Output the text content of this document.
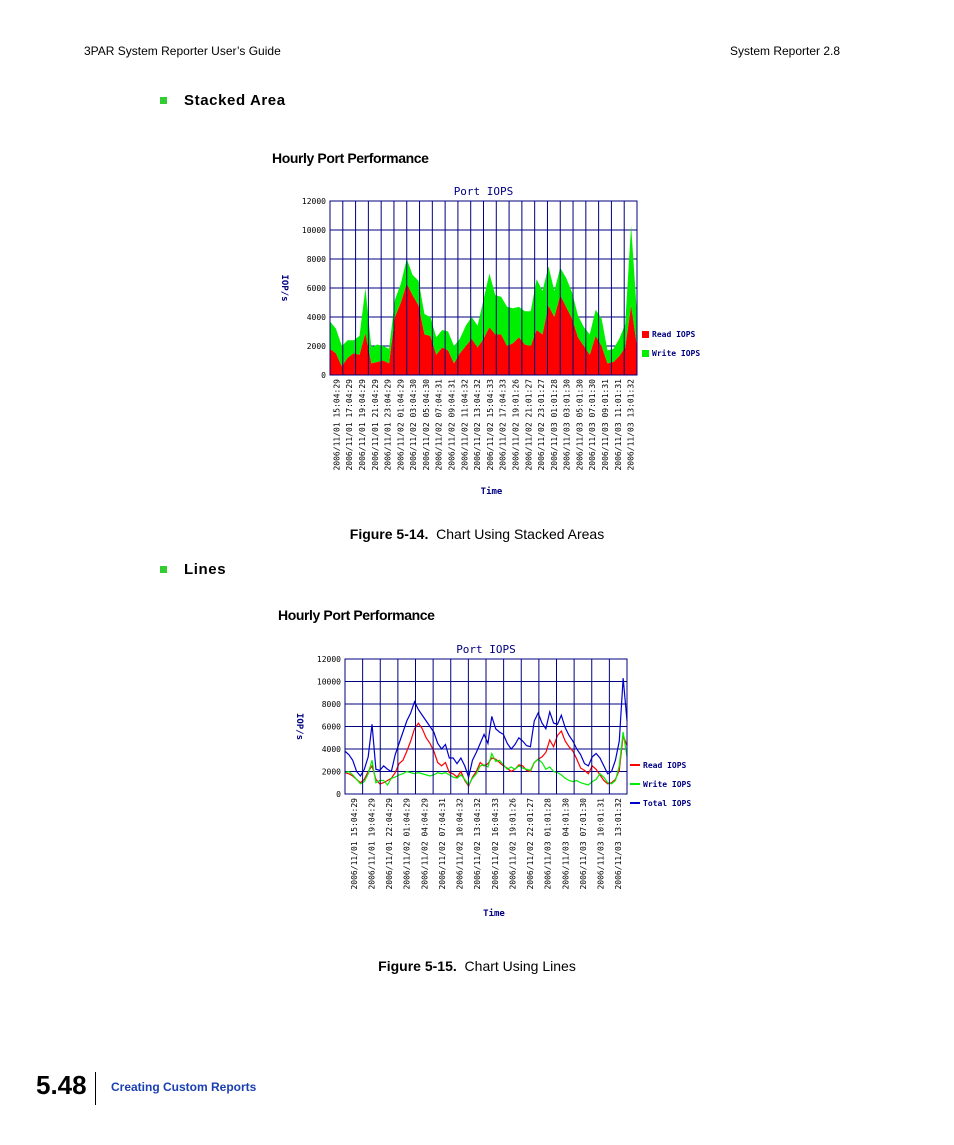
3PAR System Reporter User’s Guide	System Reporter 2.8
Stacked Area
Hourly Port Performance
Port IOPS
IOP/s
0
2000
4000
6000
8000
10000
12000
2006/11/01 15:04:29 2006/11/01 17:04:29 2006/11/01 19:04:29 2006/11/01 21:04:29 2006/11/01 23:04:29 2006/11/02 01:04:29 2006/11/02 03:04:30 2006/11/02 05:04:30 2006/11/02 07:04:31 2006/11/02 09:04:31 2006/11/02 11:04:32 2006/11/02 13:04:32 2006/11/02 15:04:33 2006/11/02 17:04:33 2006/11/02 19:01:26 2006/11/02 21:01:27 2006/11/02 23:01:27 2006/11/03 01:01:28 2006/11/03 03:01:30 2006/11/03 05:01:30 2006/11/03 07:01:30 2006/11/03 09:01:31 2006/11/03 11:01:31 2006/11/03 13:01:32
Time
Read IOPS
Write IOPS
Figure 5-14. Chart Using Stacked Areas
Lines
Hourly Port Performance
Port IOPS
IOP/s
0
2000
4000
6000
8000
10000
12000
2006/11/01 15:04:29 2006/11/01 19:04:29 2006/11/01 22:04:29 2006/11/02 01:04:29 2006/11/02 04:04:29 2006/11/02 07:04:31 2006/11/02 10:04:32 2006/11/02 13:04:32 2006/11/02 16:04:33 2006/11/02 19:01:26 2006/11/02 22:01:27 2006/11/03 01:01:28 2006/11/03 04:01:30 2006/11/03 07:01:30 2006/11/03 10:01:31 2006/11/03 13:01:32
Time
Read IOPS
Write IOPS
Total IOPS
Figure 5-15. Chart Using Lines
5.48 Creating Custom Reports
